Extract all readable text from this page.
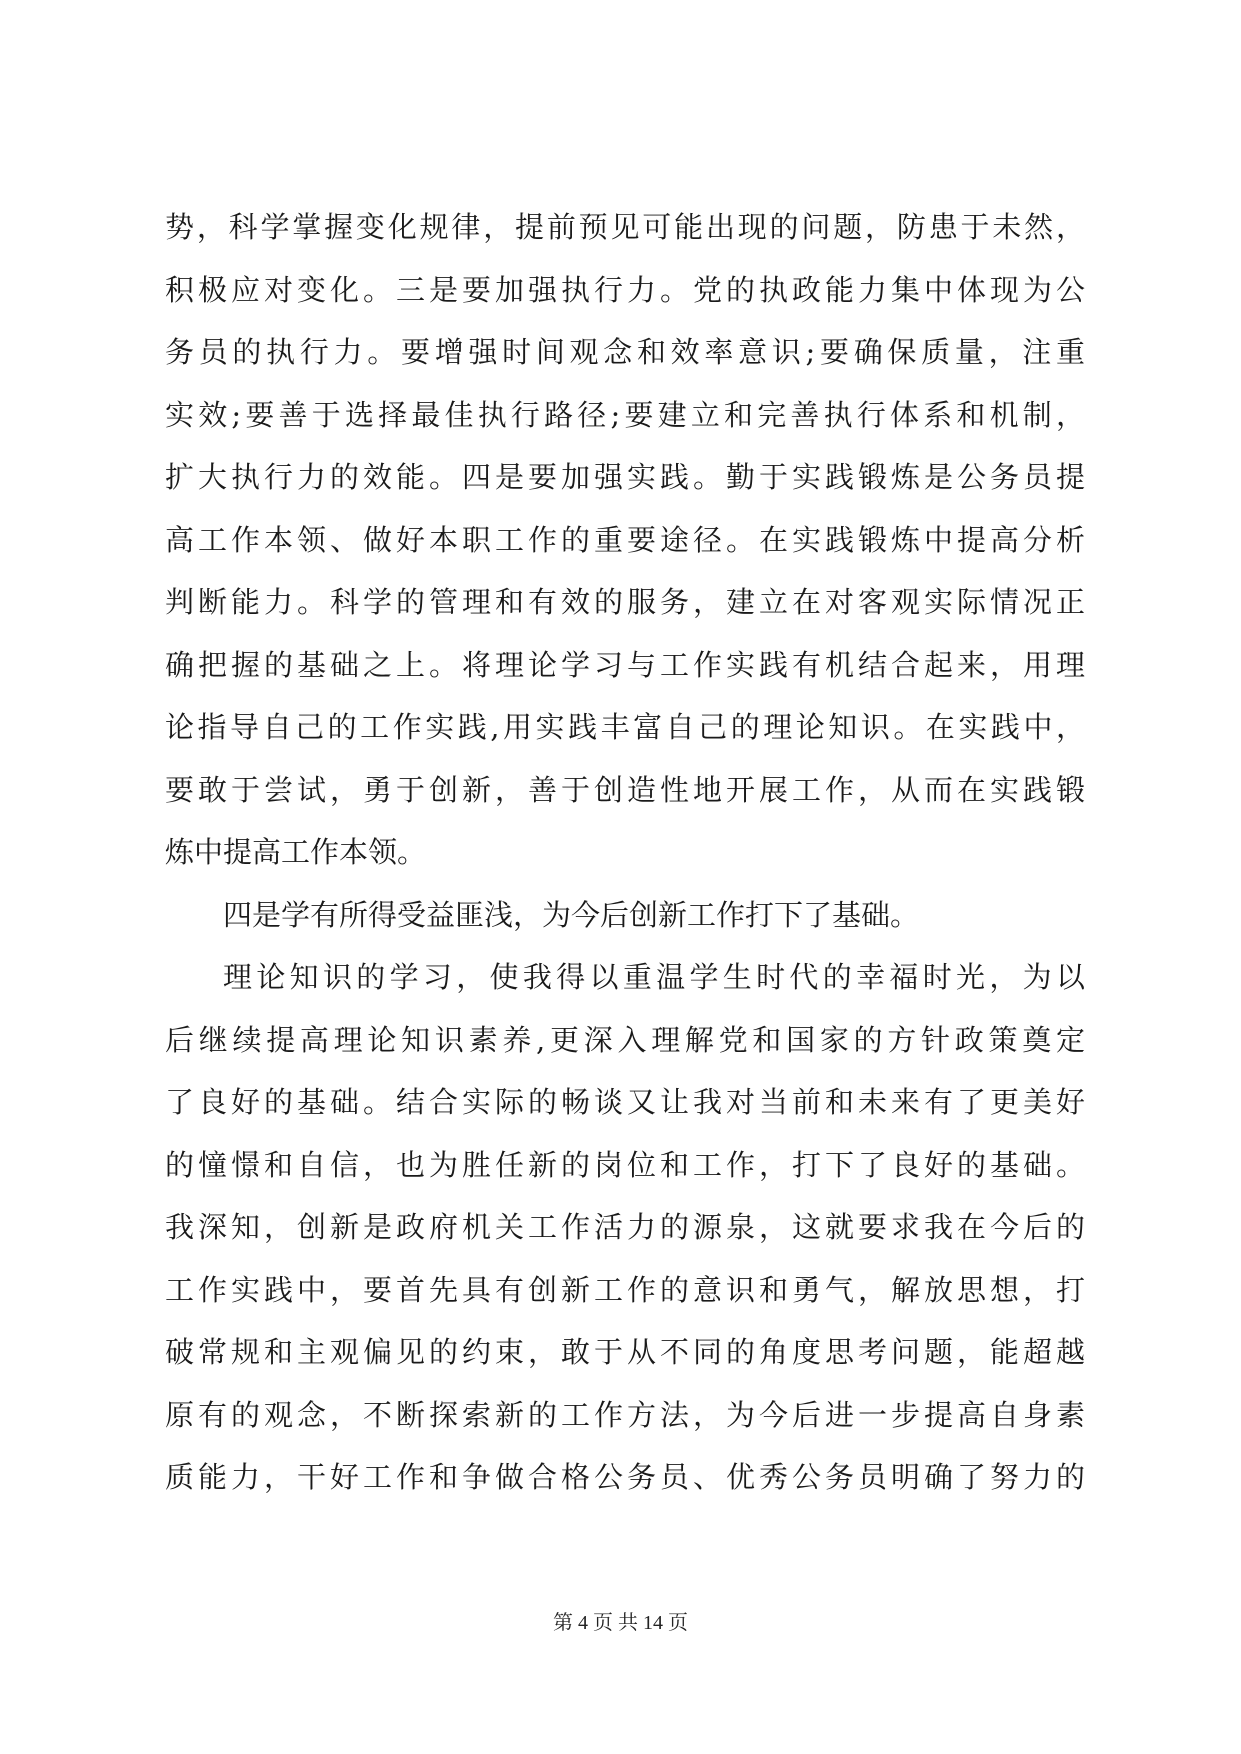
势，科学掌握变化规律，提前预见可能出现的问题，防患于未然，
积极应对变化。三是要加强执行力。党的执政能力集中体现为公
务员的执行力。要增强时间观念和效率意识;要确保质量，注重
实效;要善于选择最佳执行路径;要建立和完善执行体系和机制，
扩大执行力的效能。四是要加强实践。勤于实践锻炼是公务员提
高工作本领、做好本职工作的重要途径。在实践锻炼中提高分析
判断能力。科学的管理和有效的服务，建立在对客观实际情况正
确把握的基础之上。将理论学习与工作实践有机结合起来，用理
论指导自己的工作实践,用实践丰富自己的理论知识。在实践中，
要敢于尝试，勇于创新，善于创造性地开展工作，从而在实践锻
炼中提高工作本领。
四是学有所得受益匪浅，为今后创新工作打下了基础。
理论知识的学习，使我得以重温学生时代的幸福时光，为以
后继续提高理论知识素养,更深入理解党和国家的方针政策奠定
了良好的基础。结合实际的畅谈又让我对当前和未来有了更美好
的憧憬和自信，也为胜任新的岗位和工作，打下了良好的基础。
我深知，创新是政府机关工作活力的源泉，这就要求我在今后的
工作实践中，要首先具有创新工作的意识和勇气，解放思想，打
破常规和主观偏见的约束，敢于从不同的角度思考问题，能超越
原有的观念，不断探索新的工作方法，为今后进一步提高自身素
质能力，干好工作和争做合格公务员、优秀公务员明确了努力的
第 4 页 共 14 页
